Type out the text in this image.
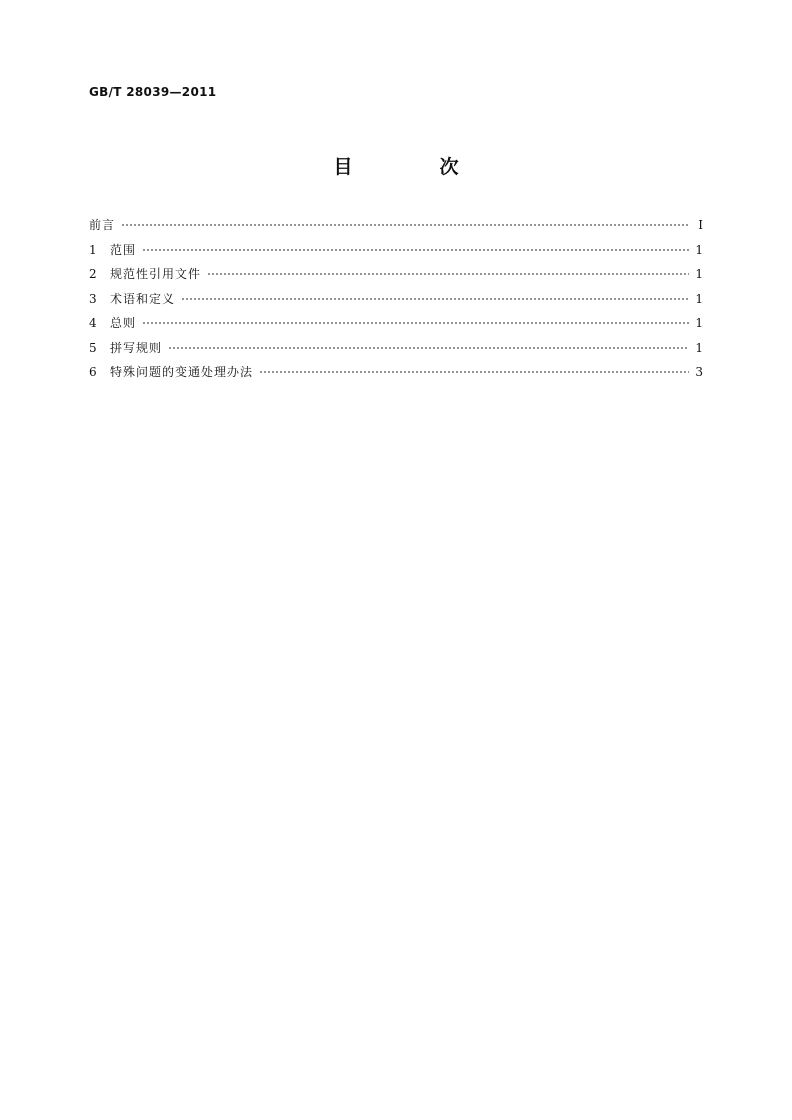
GB/T 28039—2011
目　次
前言	Ⅰ
1	范围	1
2	规范性引用文件	1
3	术语和定义	1
4	总则	1
5	拼写规则	1
6	特殊问题的变通处理办法	3
